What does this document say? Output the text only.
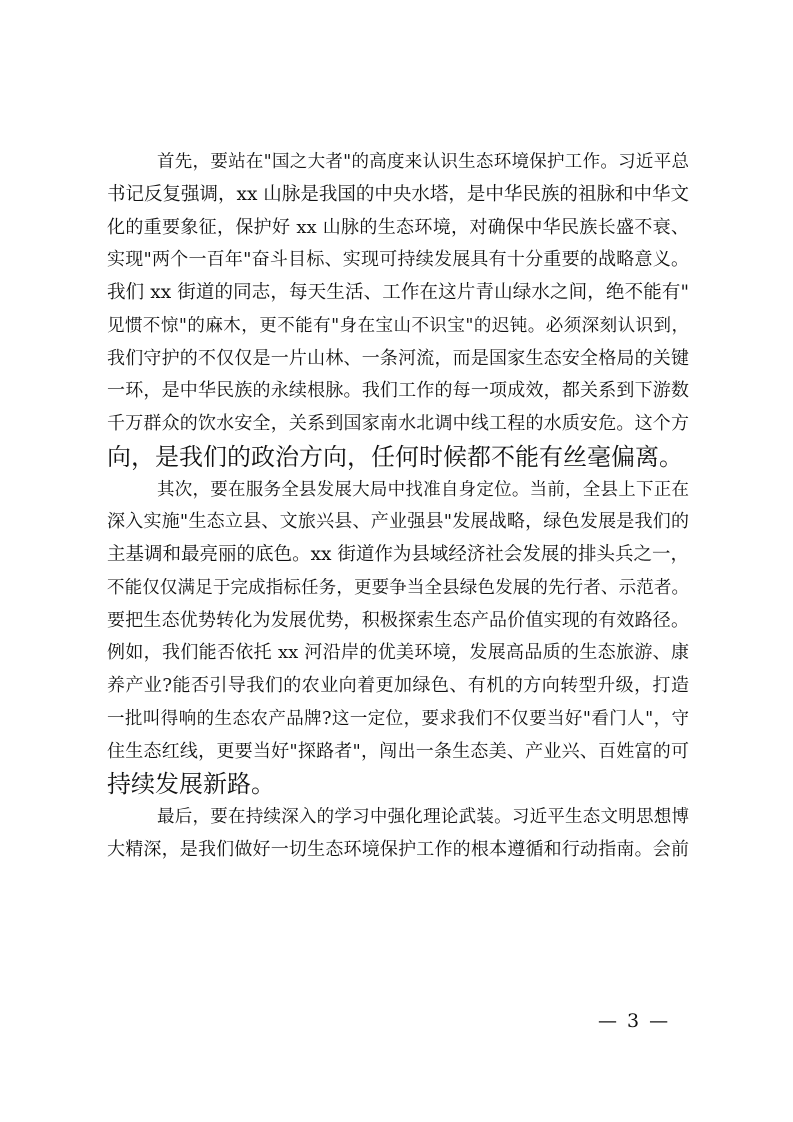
首先，要站在"国之大者"的高度来认识生态环境保护工作。习近平总
书记反复强调，xx 山脉是我国的中央水塔，是中华民族的祖脉和中华文
化的重要象征，保护好 xx 山脉的生态环境，对确保中华民族长盛不衰、
实现"两个一百年"奋斗目标、实现可持续发展具有十分重要的战略意义。
我们 xx 街道的同志，每天生活、工作在这片青山绿水之间，绝不能有"
见惯不惊"的麻木，更不能有"身在宝山不识宝"的迟钝。必须深刻认识到，
我们守护的不仅仅是一片山林、一条河流，而是国家生态安全格局的关键
一环，是中华民族的永续根脉。我们工作的每一项成效，都关系到下游数
千万群众的饮水安全，关系到国家南水北调中线工程的水质安危。这个方
向，是我们的政治方向，任何时候都不能有丝毫偏离。
其次，要在服务全县发展大局中找准自身定位。当前，全县上下正在
深入实施"生态立县、文旅兴县、产业强县"发展战略，绿色发展是我们的
主基调和最亮丽的底色。xx 街道作为县域经济社会发展的排头兵之一，
不能仅仅满足于完成指标任务，更要争当全县绿色发展的先行者、示范者。
要把生态优势转化为发展优势，积极探索生态产品价值实现的有效路径。
例如，我们能否依托 xx 河沿岸的优美环境，发展高品质的生态旅游、康
养产业?能否引导我们的农业向着更加绿色、有机的方向转型升级，打造
一批叫得响的生态农产品牌?这一定位，要求我们不仅要当好"看门人"，守
住生态红线，更要当好"探路者"，闯出一条生态美、产业兴、百姓富的可
持续发展新路。
最后，要在持续深入的学习中强化理论武装。习近平生态文明思想博
大精深，是我们做好一切生态环境保护工作的根本遵循和行动指南。会前
— 3 —
